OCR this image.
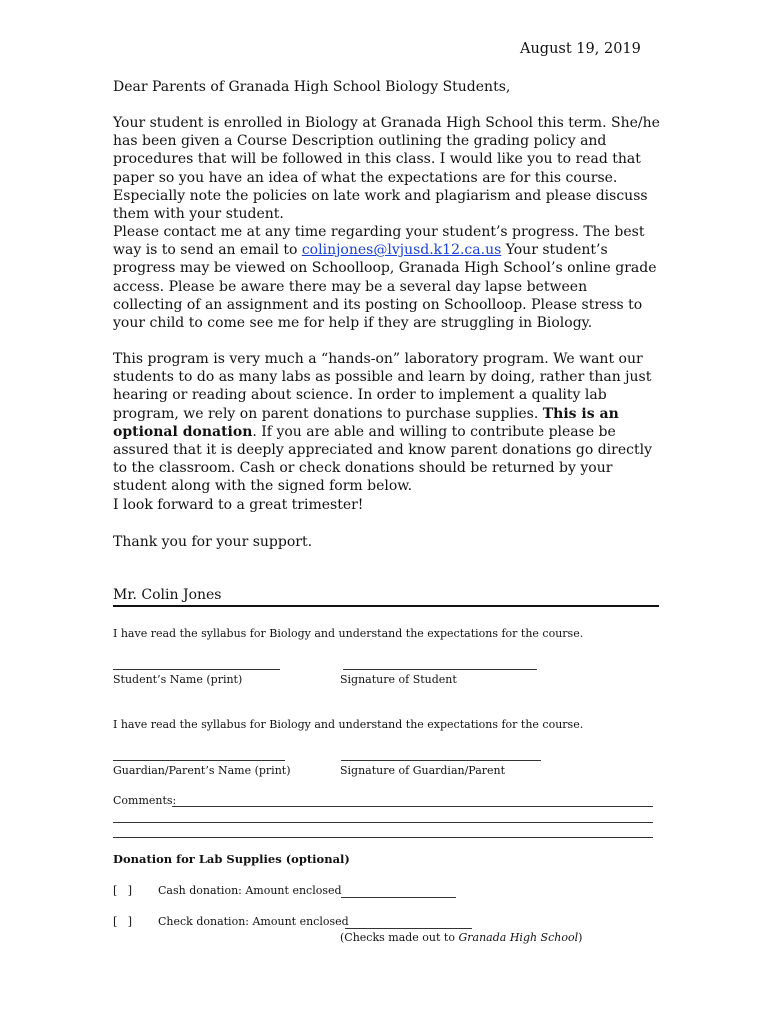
August 19, 2019
Dear Parents of Granada High School Biology Students,
Your student is enrolled in Biology at Granada High School this term. She/he has been given a Course Description outlining the grading policy and procedures that will be followed in this class. I would like you to read that paper so you have an idea of what the expectations are for this course. Especially note the policies on late work and plagiarism and please discuss them with your student.
Please contact me at any time regarding your student’s progress. The best way is to send an email to colinjones@lvjusd.k12.ca.us Your student’s progress may be viewed on Schoolloop, Granada High School’s online grade access. Please be aware there may be a several day lapse between collecting of an assignment and its posting on Schoolloop. Please stress to your child to come see me for help if they are struggling in Biology.
This program is very much a “hands-on” laboratory program. We want our students to do as many labs as possible and learn by doing, rather than just hearing or reading about science. In order to implement a quality lab program, we rely on parent donations to purchase supplies. This is an optional donation. If you are able and willing to contribute please be assured that it is deeply appreciated and know parent donations go directly to the classroom. Cash or check donations should be returned by your student along with the signed form below.
I look forward to a great trimester!
Thank you for your support.
Mr. Colin Jones
I have read the syllabus for Biology and understand the expectations for the course.
Student’s Name (print)	Signature of Student
I have read the syllabus for Biology and understand the expectations for the course.
Guardian/Parent’s Name (print)	Signature of Guardian/Parent
Comments:
Donation for Lab Supplies (optional)
[   ] Cash donation: Amount enclosed
[   ] Check donation: Amount enclosed
(Checks made out to Granada High School)
